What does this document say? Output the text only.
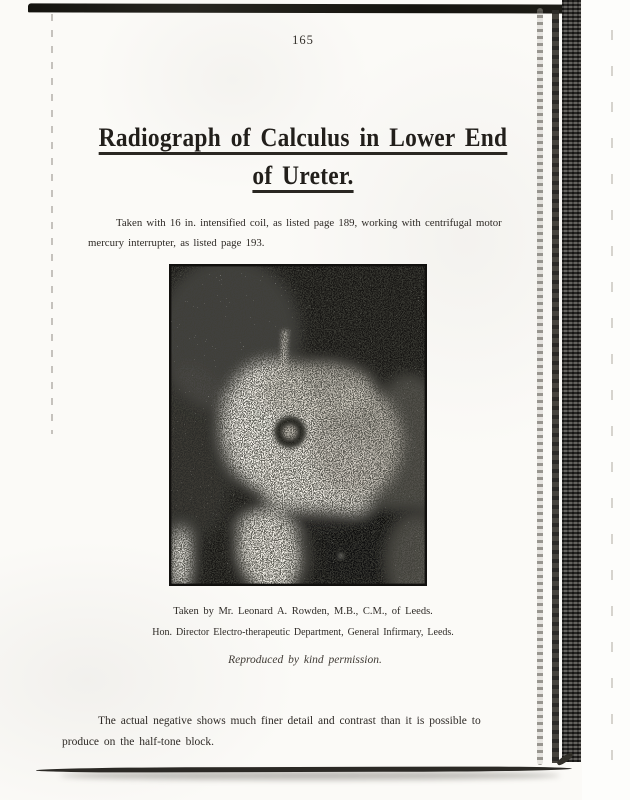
165
Radiograph of Calculus in Lower End
of Ureter.

Taken with 16 in. intensified coil, as listed page 189, working with centrifugal motor mercury interrupter, as listed page 193.

Taken by Mr. Leonard A. Rowden, M.B., C.M., of Leeds.
Hon. Director Electro-therapeutic Department, General Infirmary, Leeds.
Reproduced by kind permission.

The actual negative shows much finer detail and contrast than it is possible to produce on the half-tone block.
